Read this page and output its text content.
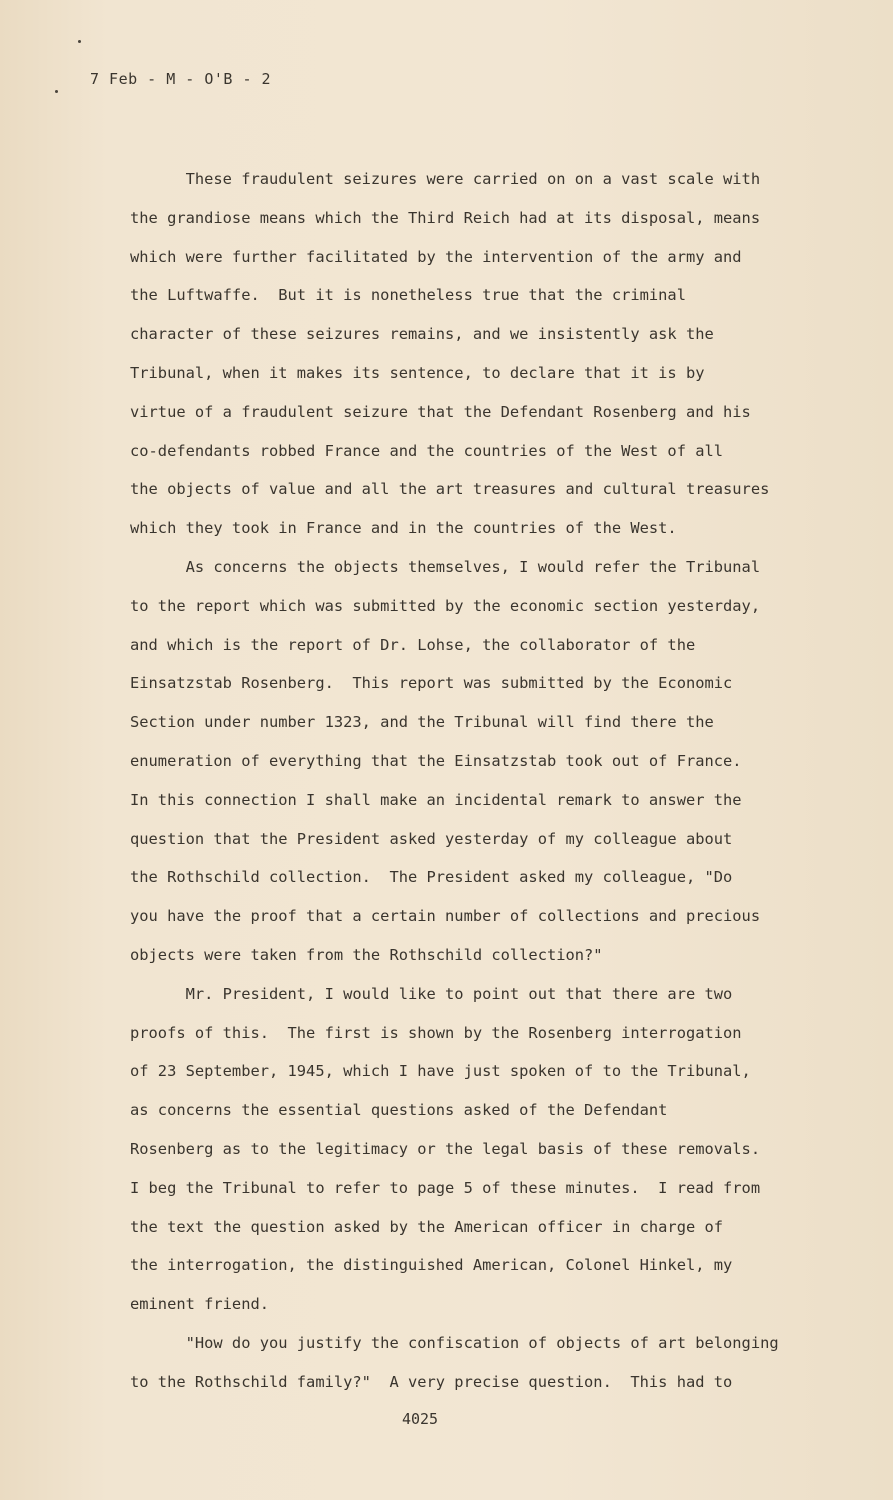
7 Feb - M - O'B - 2

These fraudulent seizures were carried on on a vast scale with
the grandiose means which the Third Reich had at its disposal, means
which were further facilitated by the intervention of the army and
the Luftwaffe.  But it is nonetheless true that the criminal
character of these seizures remains, and we insistently ask the
Tribunal, when it makes its sentence, to declare that it is by
virtue of a fraudulent seizure that the Defendant Rosenberg and his
co-defendants robbed France and the countries of the West of all
the objects of value and all the art treasures and cultural treasures
which they took in France and in the countries of the West.
As concerns the objects themselves, I would refer the Tribunal
to the report which was submitted by the economic section yesterday,
and which is the report of Dr. Lohse, the collaborator of the
Einsatzstab Rosenberg.  This report was submitted by the Economic
Section under number 1323, and the Tribunal will find there the
enumeration of everything that the Einsatzstab took out of France.
In this connection I shall make an incidental remark to answer the
question that the President asked yesterday of my colleague about
the Rothschild collection.  The President asked my colleague, "Do
you have the proof that a certain number of collections and precious
objects were taken from the Rothschild collection?"
Mr. President, I would like to point out that there are two
proofs of this.  The first is shown by the Rosenberg interrogation
of 23 September, 1945, which I have just spoken of to the Tribunal,
as concerns the essential questions asked of the Defendant
Rosenberg as to the legitimacy or the legal basis of these removals.
I beg the Tribunal to refer to page 5 of these minutes.  I read from
the text the question asked by the American officer in charge of
the interrogation, the distinguished American, Colonel Hinkel, my
eminent friend.
"How do you justify the confiscation of objects of art belonging
to the Rothschild family?"  A very precise question.  This had to

4025
